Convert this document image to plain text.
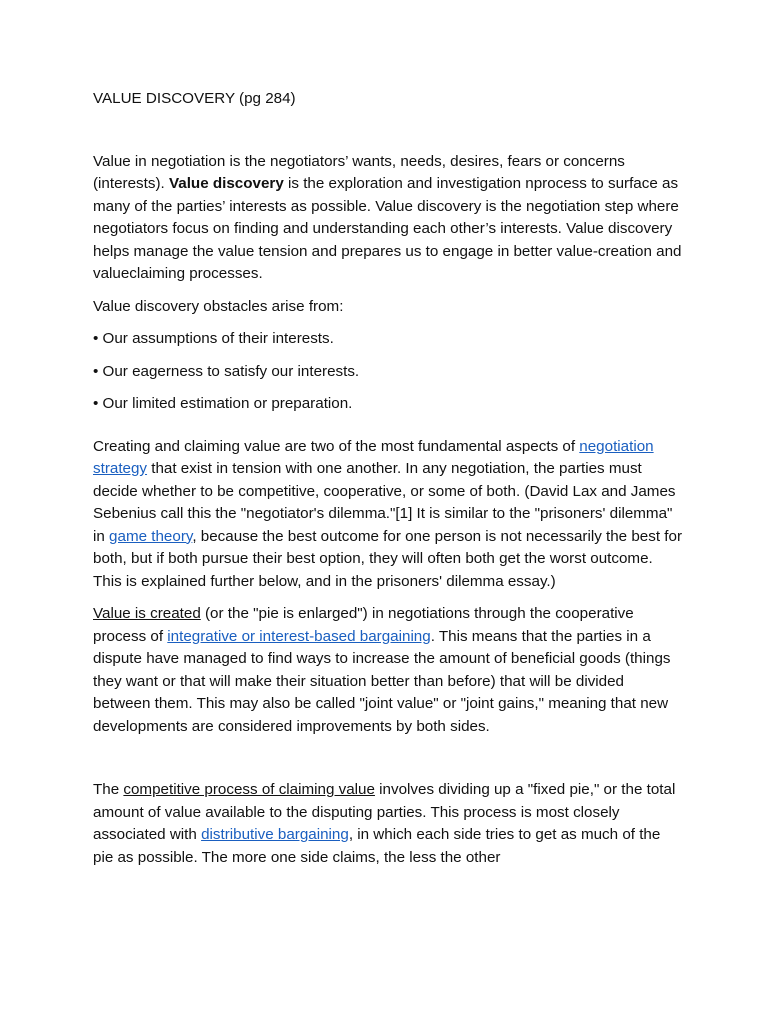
VALUE DISCOVERY (pg 284)

Value in negotiation is the negotiators’ wants, needs, desires, fears or concerns (interests). Value discovery is the exploration and investigation nprocess to surface as many of the parties’ interests as possible. Value discovery is the negotiation step where negotiators focus on finding and understanding each other’s interests. Value discovery helps manage the value tension and prepares us to engage in better value-creation and valueclaiming processes.

Value discovery obstacles arise from:

• Our assumptions of their interests.

• Our eagerness to satisfy our interests.

• Our limited estimation or preparation.

Creating and claiming value are two of the most fundamental aspects of negotiation strategy that exist in tension with one another. In any negotiation, the parties must decide whether to be competitive, cooperative, or some of both. (David Lax and James Sebenius call this the "negotiator's dilemma."[1] It is similar to the "prisoners' dilemma" in game theory, because the best outcome for one person is not necessarily the best for both, but if both pursue their best option, they will often both get the worst outcome. This is explained further below, and in the prisoners' dilemma essay.)

Value is created (or the "pie is enlarged") in negotiations through the cooperative process of integrative or interest-based bargaining. This means that the parties in a dispute have managed to find ways to increase the amount of beneficial goods (things they want or that will make their situation better than before) that will be divided between them. This may also be called "joint value" or "joint gains," meaning that new developments are considered improvements by both sides.

The competitive process of claiming value involves dividing up a "fixed pie," or the total amount of value available to the disputing parties. This process is most closely associated with distributive bargaining, in which each side tries to get as much of the pie as possible. The more one side claims, the less the other
